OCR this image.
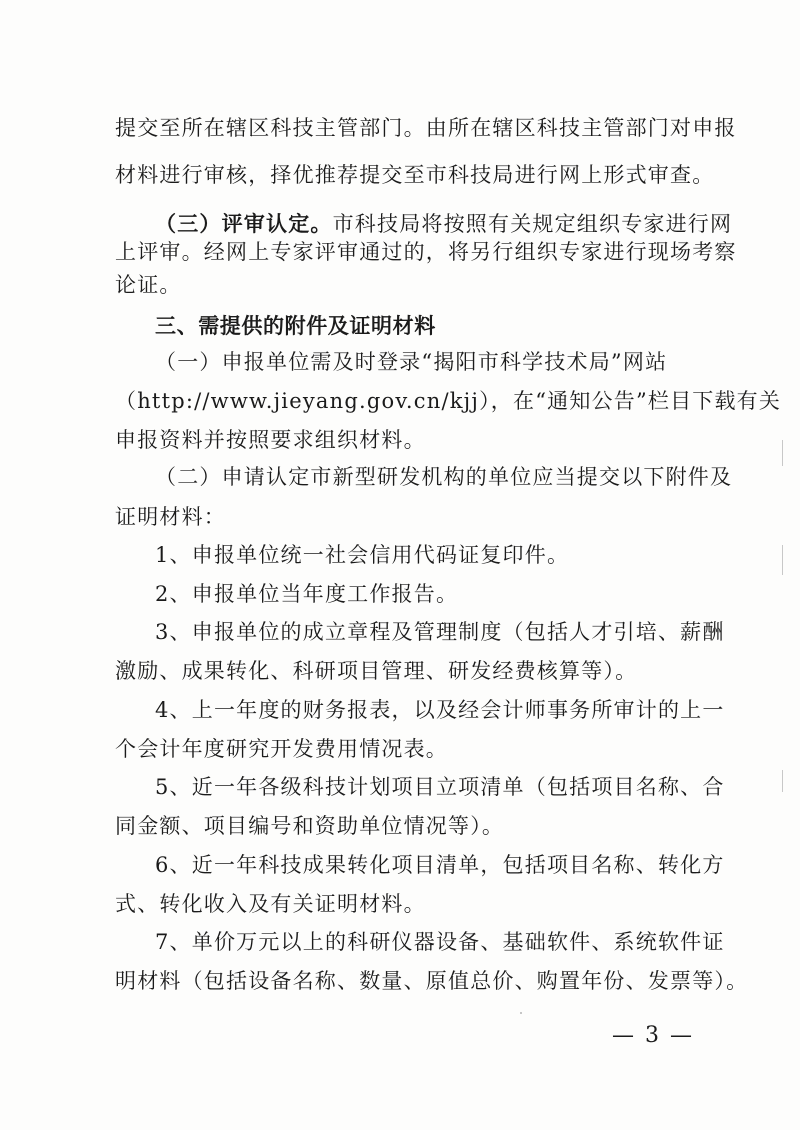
提交至所在辖区科技主管部门。由所在辖区科技主管部门对申报
材料进行审核，择优推荐提交至市科技局进行网上形式审查。
（三）评审认定。市科技局将按照有关规定组织专家进行网
上评审。经网上专家评审通过的，将另行组织专家进行现场考察
论证。
三、需提供的附件及证明材料
（一）申报单位需及时登录“揭阳市科学技术局”网站
（http://www.jieyang.gov.cn/kjj），在“通知公告”栏目下载有关
申报资料并按照要求组织材料。
（二）申请认定市新型研发机构的单位应当提交以下附件及
证明材料：
1、申报单位统一社会信用代码证复印件。
2、申报单位当年度工作报告。
3、申报单位的成立章程及管理制度（包括人才引培、薪酬
激励、成果转化、科研项目管理、研发经费核算等）。
4、上一年度的财务报表，以及经会计师事务所审计的上一
个会计年度研究开发费用情况表。
5、近一年各级科技计划项目立项清单（包括项目名称、合
同金额、项目编号和资助单位情况等）。
6、近一年科技成果转化项目清单，包括项目名称、转化方
式、转化收入及有关证明材料。
7、单价万元以上的科研仪器设备、基础软件、系统软件证
明材料（包括设备名称、数量、原值总价、购置年份、发票等）。
— 3 —
